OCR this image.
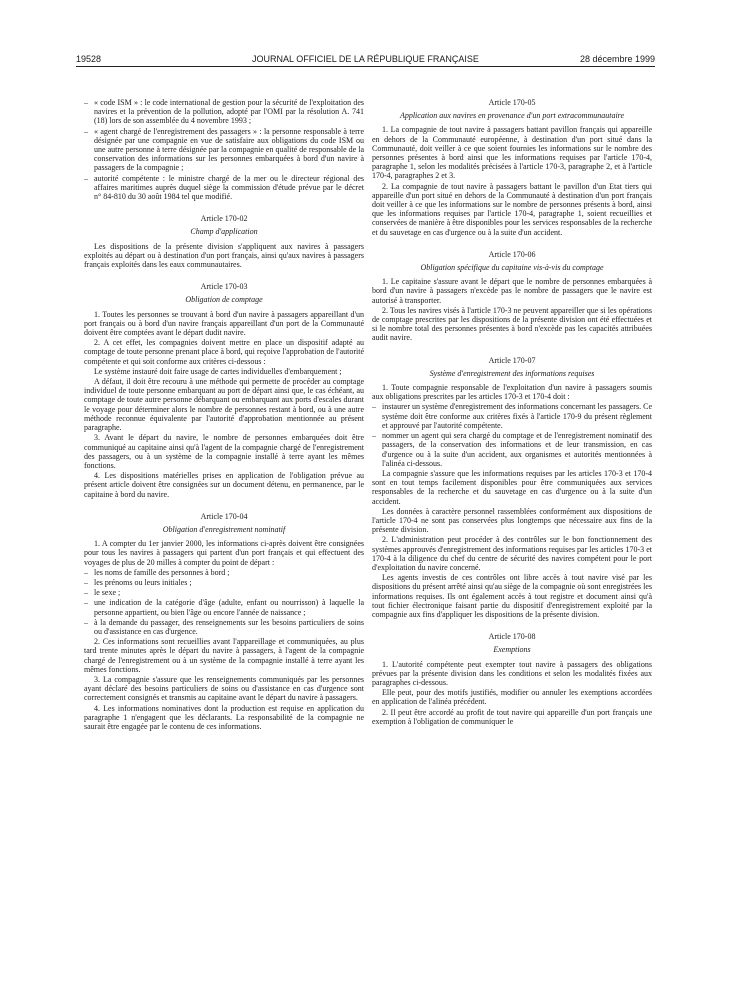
19528	JOURNAL OFFICIEL DE LA RÉPUBLIQUE FRANÇAISE	28 décembre 1999
– « code ISM » : le code international de gestion pour la sécurité de l'exploitation des navires et la prévention de la pollution, adopté par l'OMI par la résolution A. 741 (18) lors de son assemblée du 4 novembre 1993 ;
– « agent chargé de l'enregistrement des passagers » : la personne responsable à terre désignée par une compagnie en vue de satisfaire aux obligations du code ISM ou une autre personne à terre désignée par la compagnie en qualité de responsable de la conservation des informations sur les personnes embarquées à bord d'un navire à passagers de la compagnie ;
– autorité compétente : le ministre chargé de la mer ou le directeur régional des affaires maritimes auprès duquel siège la commission d'étude prévue par le décret n° 84-810 du 30 août 1984 tel que modifié.
Article 170-02
Champ d'application

Les dispositions de la présente division s'appliquent aux navires à passagers exploités au départ ou à destination d'un port français, ainsi qu'aux navires à passagers français exploités dans les eaux communautaires.

Article 170-03
Obligation de comptage

1. Toutes les personnes se trouvant à bord d'un navire à passagers appareillant d'un port français ou à bord d'un navire français appareillant d'un port de la Communauté doivent être comptées avant le départ dudit navire.

2. A cet effet, les compagnies doivent mettre en place un dispositif adapté au comptage de toute personne prenant place à bord, qui reçoive l'approbation de l'autorité compétente et qui soit conforme aux critères ci-dessous :

Le système instauré doit faire usage de cartes individuelles d'embarquement ;

A défaut, il doit être recouru à une méthode qui permette de procéder au comptage individuel de toute personne embarquant au port de départ ainsi que, le cas échéant, au comptage de toute autre personne débarquant ou embarquant aux ports d'escales durant le voyage pour déterminer alors le nombre de personnes restant à bord, ou à une autre méthode reconnue équivalente par l'autorité d'approbation mentionnée au présent paragraphe.

3. Avant le départ du navire, le nombre de personnes embarquées doit être communiqué au capitaine ainsi qu'à l'agent de la compagnie chargé de l'enregistrement des passagers, ou à un système de la compagnie installé à terre ayant les mêmes fonctions.

4. Les dispositions matérielles prises en application de l'obligation prévue au présent article doivent être consignées sur un document détenu, en permanence, par le capitaine à bord du navire.

Article 170-04
Obligation d'enregistrement nominatif

1. A compter du 1er janvier 2000, les informations ci-après doivent être consignées pour tous les navires à passagers qui partent d'un port français et qui effectuent des voyages de plus de 20 milles à compter du point de départ :

– les noms de famille des personnes à bord ;
– les prénoms ou leurs initiales ;
– le sexe ;
– une indication de la catégorie d'âge (adulte, enfant ou nourrisson) à laquelle la personne appartient, ou bien l'âge ou encore l'année de naissance ;
– à la demande du passager, des renseignements sur les besoins particuliers de soins ou d'assistance en cas d'urgence.

2. Ces informations sont recueillies avant l'appareillage et communiquées, au plus tard trente minutes après le départ du navire à passagers, à l'agent de la compagnie chargé de l'enregistrement ou à un système de la compagnie installé à terre ayant les mêmes fonctions.

3. La compagnie s'assure que les renseignements communiqués par les personnes ayant déclaré des besoins particuliers de soins ou d'assistance en cas d'urgence sont correctement consignés et transmis au capitaine avant le départ du navire à passagers.

4. Les informations nominatives dont la production est requise en application du paragraphe 1 n'engagent que les déclarants. La responsabilité de la compagnie ne saurait être engagée par le contenu de ces informations.

Article 170-05
Application aux navires en provenance d'un port extracommunautaire

1. La compagnie de tout navire à passagers battant pavillon français qui appareille en dehors de la Communauté européenne, à destination d'un port situé dans la Communauté, doit veiller à ce que soient fournies les informations sur le nombre des personnes présentes à bord ainsi que les informations requises par l'article 170-4, paragraphe 1, selon les modalités précisées à l'article 170-3, paragraphe 2, et à l'article 170-4, paragraphes 2 et 3.

2. La compagnie de tout navire à passagers battant le pavillon d'un Etat tiers qui appareille d'un port situé en dehors de la Communauté à destination d'un port français doit veiller à ce que les informations sur le nombre de personnes présents à bord, ainsi que les informations requises par l'article 170-4, paragraphe 1, soient recueillies et conservées de manière à être disponibles pour les services responsables de la recherche et du sauvetage en cas d'urgence ou à la suite d'un accident.

Article 170-06
Obligation spécifique du capitaine vis-à-vis du comptage

1. Le capitaine s'assure avant le départ que le nombre de personnes embarquées à bord d'un navire à passagers n'excède pas le nombre de passagers que le navire est autorisé à transporter.

2. Tous les navires visés à l'article 170-3 ne peuvent appareiller que si les opérations de comptage prescrites par les dispositions de la présente division ont été effectuées et si le nombre total des personnes présentes à bord n'excède pas les capacités attribuées audit navire.

Article 170-07
Système d'enregistrement des informations requises

1. Toute compagnie responsable de l'exploitation d'un navire à passagers soumis aux obligations prescrites par les articles 170-3 et 170-4 doit :

– instaurer un système d'enregistrement des informations concernant les passagers. Ce système doit être conforme aux critères fixés à l'article 170-9 du présent règlement et approuvé par l'autorité compétente.
– nommer un agent qui sera chargé du comptage et de l'enregistrement nominatif des passagers, de la conservation des informations et de leur transmission, en cas d'urgence ou à la suite d'un accident, aux organismes et autorités mentionnées à l'alinéa ci-dessous.

La compagnie s'assure que les informations requises par les articles 170-3 et 170-4 sont en tout temps facilement disponibles pour être communiquées aux services responsables de la recherche et du sauvetage en cas d'urgence ou à la suite d'un accident.

Les données à caractère personnel rassemblées conformément aux dispositions de l'article 170-4 ne sont pas conservées plus longtemps que nécessaire aux fins de la présente division.

2. L'administration peut procéder à des contrôles sur le bon fonctionnement des systèmes approuvés d'enregistrement des informations requises par les articles 170-3 et 170-4 à la diligence du chef du centre de sécurité des navires compétent pour le port d'exploitation du navire concerné.

Les agents investis de ces contrôles ont libre accès à tout navire visé par les dispositions du présent arrêté ainsi qu'au siège de la compagnie où sont enregistrées les informations requises. Ils ont également accès à tout registre et document ainsi qu'à tout fichier électronique faisant partie du dispositif d'enregistrement exploité par la compagnie aux fins d'appliquer les dispositions de la présente division.

Article 170-08
Exemptions

1. L'autorité compétente peut exempter tout navire à passagers des obligations prévues par la présente division dans les conditions et selon les modalités fixées aux paragraphes ci-dessous.

Elle peut, pour des motifs justifiés, modifier ou annuler les exemptions accordées en application de l'alinéa précédent.

2. Il peut être accordé au profit de tout navire qui appareille d'un port français une exemption à l'obligation de communiquer le
